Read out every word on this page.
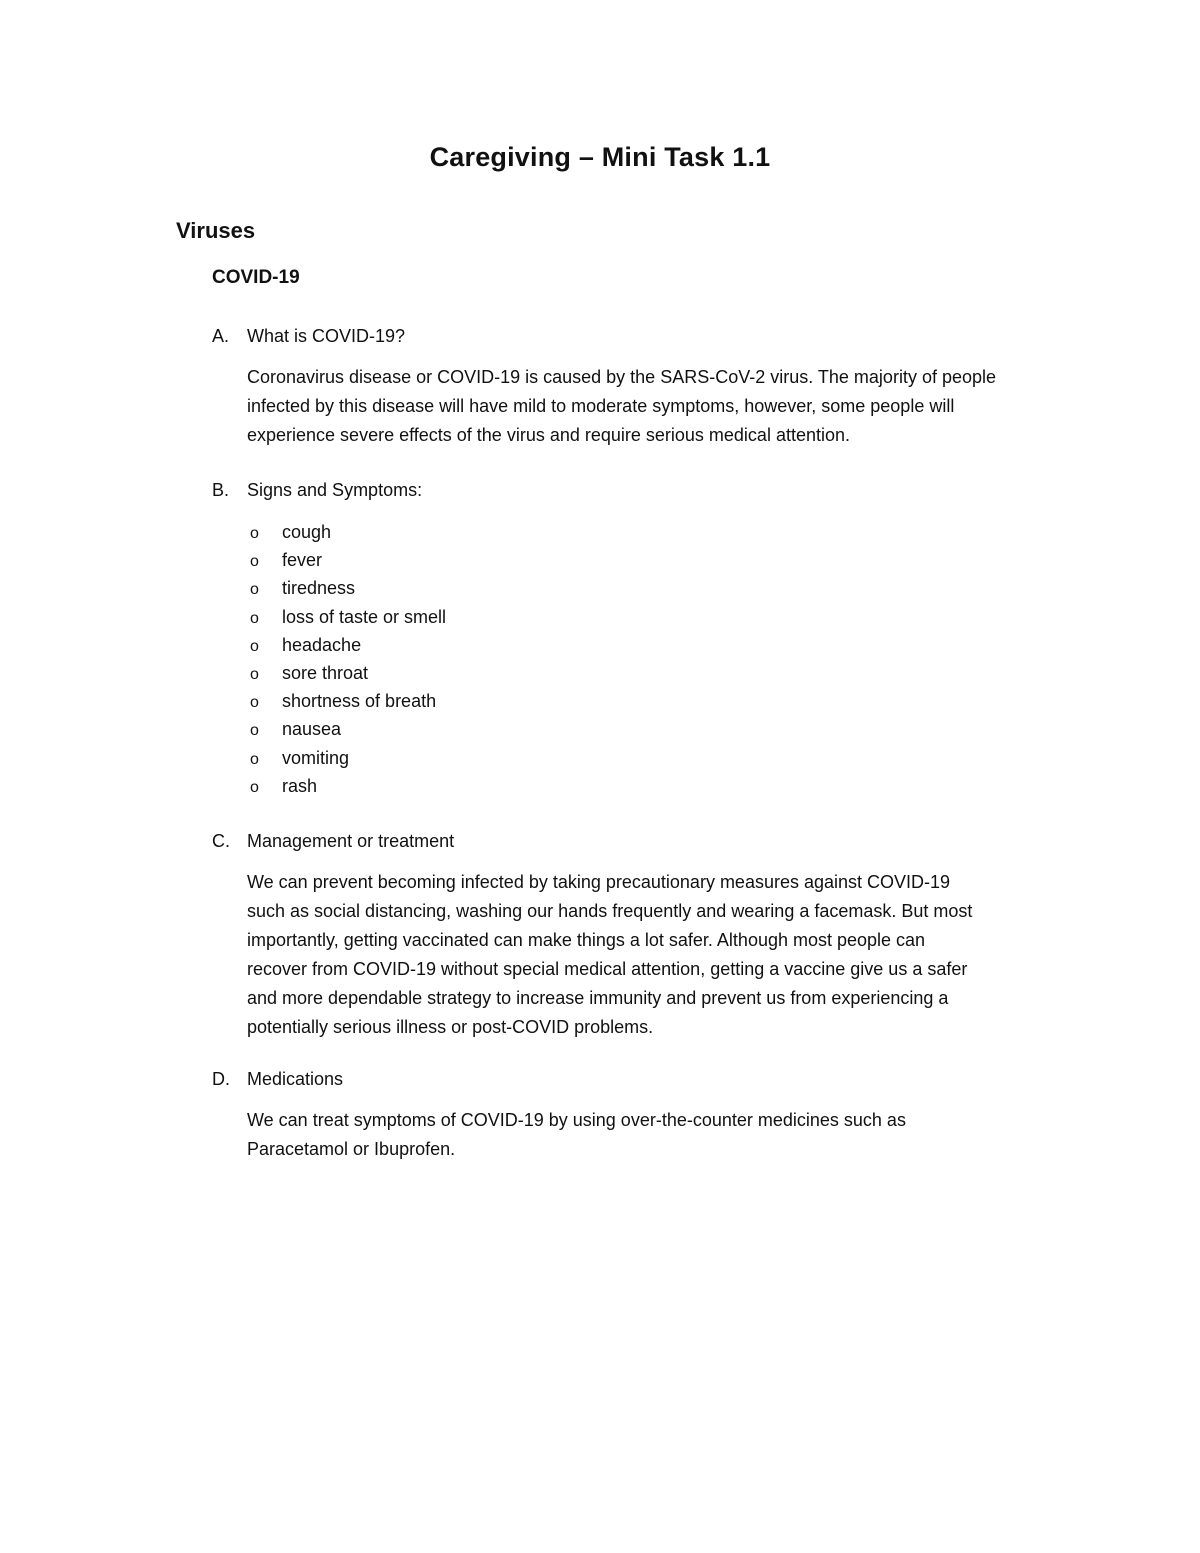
Caregiving – Mini Task 1.1
Viruses
COVID-19
A. What is COVID-19?

Coronavirus disease or COVID-19 is caused by the SARS-CoV-2 virus. The majority of people
infected by this disease will have mild to moderate symptoms, however, some people will
experience severe effects of the virus and require serious medical attention.

B. Signs and Symptoms:
o cough
o fever
o tiredness
o loss of taste or smell
o headache
o sore throat
o shortness of breath
o nausea
o vomiting
o rash
C. Management or treatment

We can prevent becoming infected by taking precautionary measures against COVID-19
such as social distancing, washing our hands frequently and wearing a facemask. But most
importantly, getting vaccinated can make things a lot safer. Although most people can
recover from COVID-19 without special medical attention, getting a vaccine give us a safer
and more dependable strategy to increase immunity and prevent us from experiencing a
potentially serious illness or post-COVID problems.

D. Medications

We can treat symptoms of COVID-19 by using over-the-counter medicines such as
Paracetamol or Ibuprofen.
